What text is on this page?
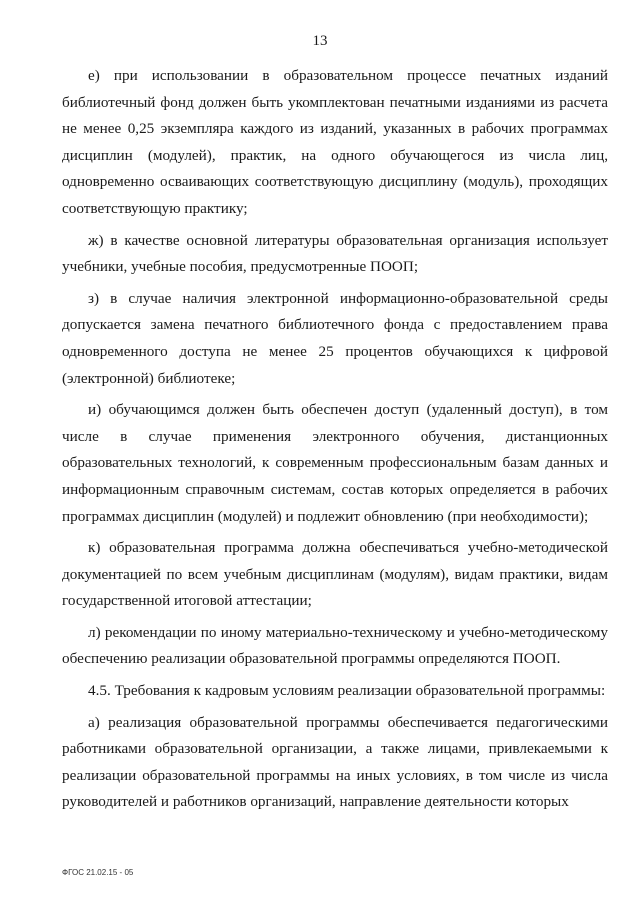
13

е) при использовании в образовательном процессе печатных изданий библиотечный фонд должен быть укомплектован печатными изданиями из расчета не менее 0,25 экземпляра каждого из изданий, указанных в рабочих программах дисциплин (модулей), практик, на одного обучающегося из числа лиц, одновременно осваивающих соответствующую дисциплину (модуль), проходящих соответствующую практику;

ж) в качестве основной литературы образовательная организация использует учебники, учебные пособия, предусмотренные ПООП;

з) в случае наличия электронной информационно-образовательной среды допускается замена печатного библиотечного фонда с предоставлением права одновременного доступа не менее 25 процентов обучающихся к цифровой (электронной) библиотеке;

и) обучающимся должен быть обеспечен доступ (удаленный доступ), в том числе в случае применения электронного обучения, дистанционных образовательных технологий, к современным профессиональным базам данных и информационным справочным системам, состав которых определяется в рабочих программах дисциплин (модулей) и подлежит обновлению (при необходимости);

к) образовательная программа должна обеспечиваться учебно-методической документацией по всем учебным дисциплинам (модулям), видам практики, видам государственной итоговой аттестации;

л) рекомендации по иному материально-техническому и учебно-методическому обеспечению реализации образовательной программы определяются ПООП.

4.5. Требования к кадровым условиям реализации образовательной программы:

а) реализация образовательной программы обеспечивается педагогическими работниками образовательной организации, а также лицами, привлекаемыми к реализации образовательной программы на иных условиях, в том числе из числа руководителей и работников организаций, направление деятельности которых

ФГОС 21.02.15 - 05
